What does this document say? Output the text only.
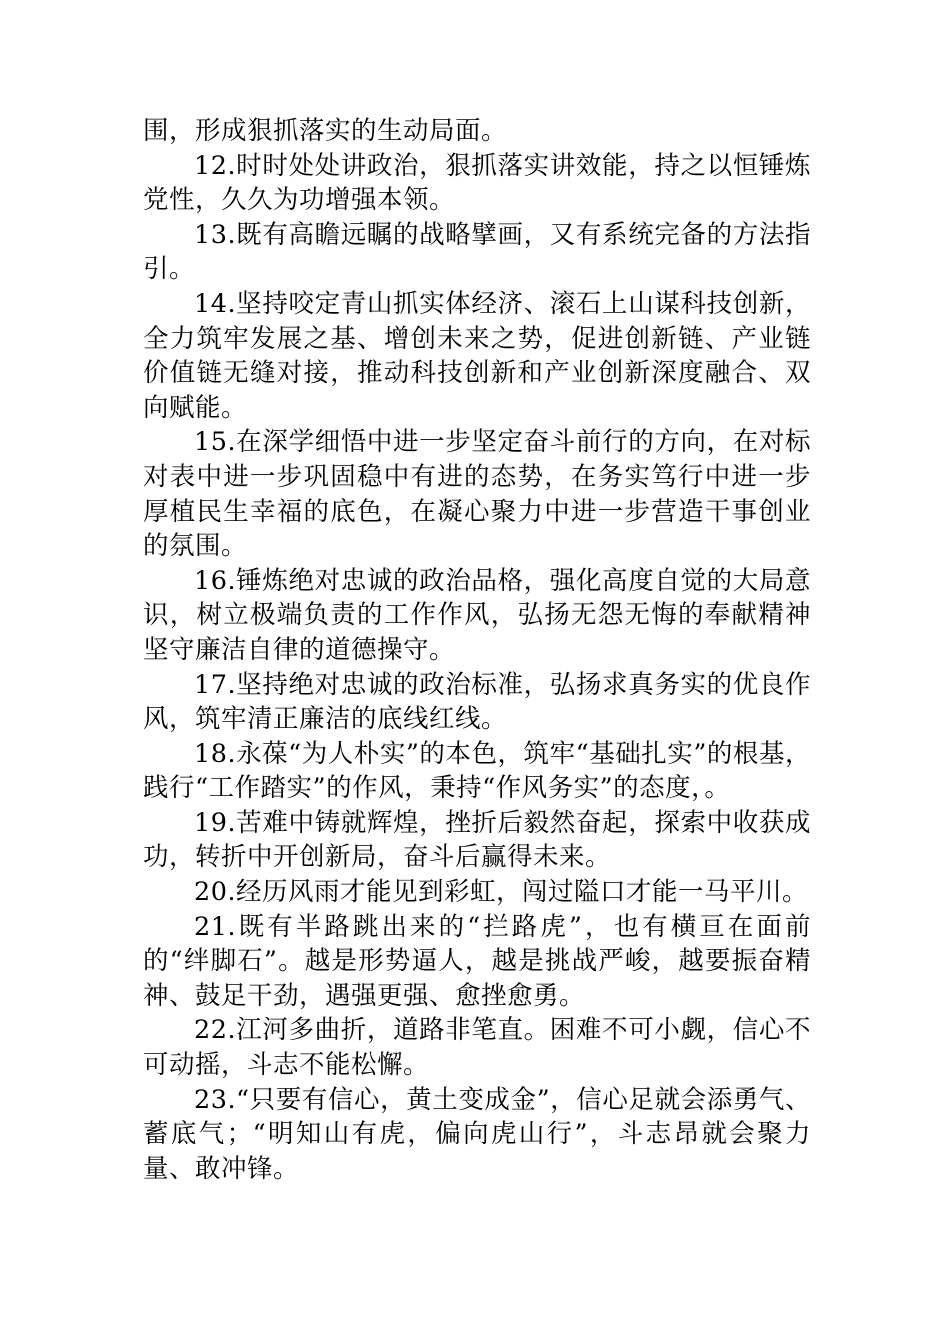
围，形成狠抓落实的生动局面。

12.时时处处讲政治，狠抓落实讲效能，持之以恒锤炼党性，久久为功增强本领。

13.既有高瞻远瞩的战略擘画，又有系统完备的方法指引。

14.坚持咬定青山抓实体经济、滚石上山谋科技创新，全力筑牢发展之基、增创未来之势，促进创新链、产业链价值链无缝对接，推动科技创新和产业创新深度融合、双向赋能。

15.在深学细悟中进一步坚定奋斗前行的方向，在对标对表中进一步巩固稳中有进的态势，在务实笃行中进一步厚植民生幸福的底色，在凝心聚力中进一步营造干事创业的氛围。

16.锤炼绝对忠诚的政治品格，强化高度自觉的大局意识，树立极端负责的工作作风，弘扬无怨无悔的奉献精神坚守廉洁自律的道德操守。

17.坚持绝对忠诚的政治标准，弘扬求真务实的优良作风，筑牢清正廉洁的底线红线。

18.永葆“为人朴实”的本色，筑牢“基础扎实”的根基，践行“工作踏实”的作风，秉持“作风务实”的态度，。

19.苦难中铸就辉煌，挫折后毅然奋起，探索中收获成功，转折中开创新局，奋斗后赢得未来。

20.经历风雨才能见到彩虹，闯过隘口才能一马平川。

21.既有半路跳出来的“拦路虎”，也有横亘在面前的“绊脚石”。越是形势逼人，越是挑战严峻，越要振奋精神、鼓足干劲，遇强更强、愈挫愈勇。

22.江河多曲折，道路非笔直。困难不可小觑，信心不可动摇，斗志不能松懈。

23.“只要有信心，黄土变成金”，信心足就会添勇气、蓄底气；“明知山有虎，偏向虎山行”，斗志昂就会聚力量、敢冲锋。
